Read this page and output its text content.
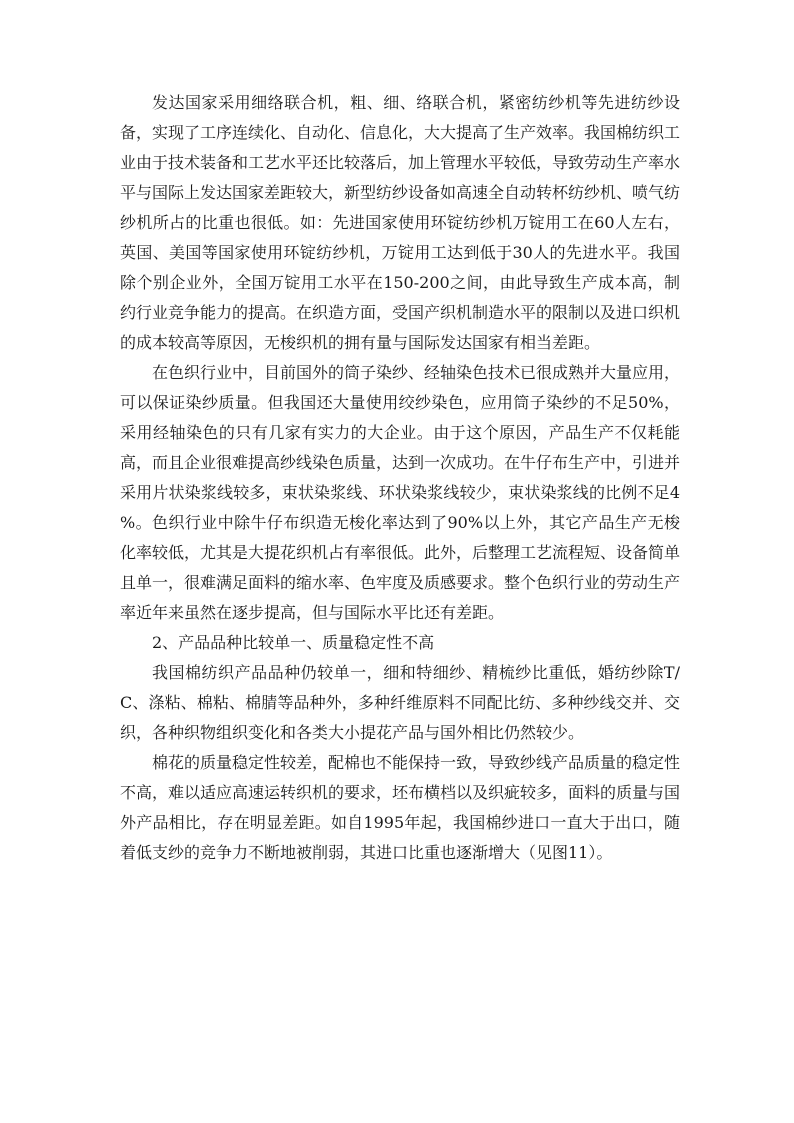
发达国家采用细络联合机，粗、细、络联合机，紧密纺纱机等先进纺纱设备，实现了工序连续化、自动化、信息化，大大提高了生产效率。我国棉纺织工业由于技术装备和工艺水平还比较落后，加上管理水平较低，导致劳动生产率水平与国际上发达国家差距较大，新型纺纱设备如高速全自动转杯纺纱机、喷气纺纱机所占的比重也很低。如：先进国家使用环锭纺纱机万锭用工在60人左右，英国、美国等国家使用环锭纺纱机，万锭用工达到低于30人的先进水平。我国除个别企业外，全国万锭用工水平在150-200之间，由此导致生产成本高，制约行业竞争能力的提高。在织造方面，受国产织机制造水平的限制以及进口织机的成本较高等原因，无梭织机的拥有量与国际发达国家有相当差距。

在色织行业中，目前国外的筒子染纱、经轴染色技术已很成熟并大量应用，可以保证染纱质量。但我国还大量使用绞纱染色，应用筒子染纱的不足50%，采用经轴染色的只有几家有实力的大企业。由于这个原因，产品生产不仅耗能高，而且企业很难提高纱线染色质量，达到一次成功。在牛仔布生产中，引进并采用片状染浆线较多，束状染浆线、环状染浆线较少，束状染浆线的比例不足4 %。色织行业中除牛仔布织造无梭化率达到了90%以上外，其它产品生产无梭化率较低，尤其是大提花织机占有率很低。此外，后整理工艺流程短、设备简单且单一，很难满足面料的缩水率、色牢度及质感要求。整个色织行业的劳动生产率近年来虽然在逐步提高，但与国际水平比还有差距。

2、产品品种比较单一、质量稳定性不高

我国棉纺织产品品种仍较单一，细和特细纱、精梳纱比重低，婚纺纱除T/C、涤粘、棉粘、棉腈等品种外，多种纤维原料不同配比纺、多种纱线交并、交织，各种织物组织变化和各类大小提花产品与国外相比仍然较少。

棉花的质量稳定性较差，配棉也不能保持一致，导致纱线产品质量的稳定性不高，难以适应高速运转织机的要求，坯布横档以及织疵较多，面料的质量与国外产品相比，存在明显差距。如自1995年起，我国棉纱进口一直大于出口，随着低支纱的竞争力不断地被削弱，其进口比重也逐渐增大（见图11）。
